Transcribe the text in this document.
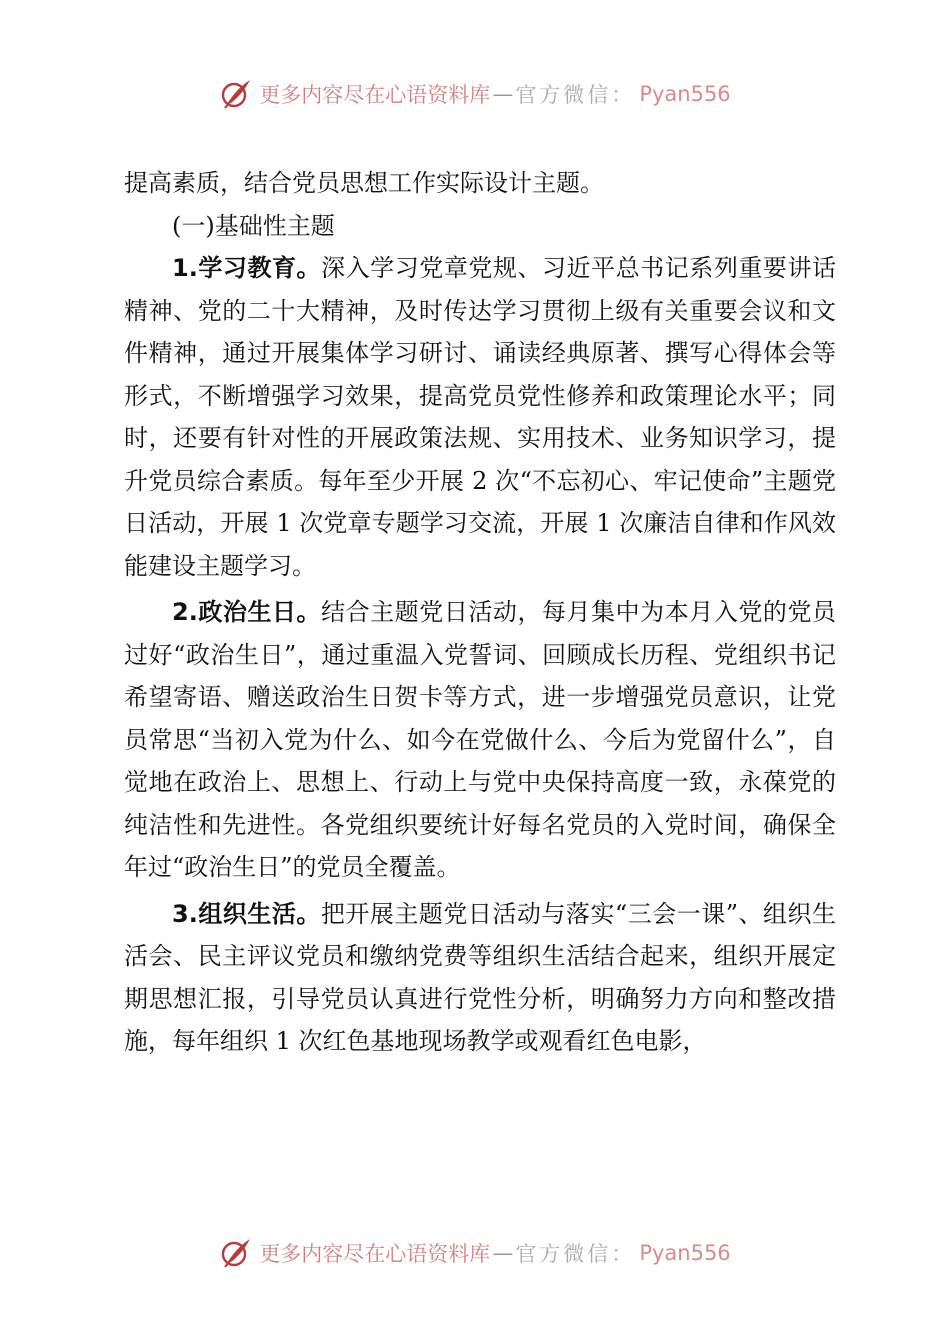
更多内容尽在心语资料库 — 官方微信： Pyan556

提高素质，结合党员思想工作实际设计主题。

(一)基础性主题

1.学习教育。深入学习党章党规、习近平总书记系列重要讲话精神、党的二十大精神，及时传达学习贯彻上级有关重要会议和文件精神，通过开展集体学习研讨、诵读经典原著、撰写心得体会等形式，不断增强学习效果，提高党员党性修养和政策理论水平；同时，还要有针对性的开展政策法规、实用技术、业务知识学习，提升党员综合素质。每年至少开展 2 次“不忘初心、牢记使命”主题党日活动，开展 1 次党章专题学习交流，开展 1 次廉洁自律和作风效能建设主题学习。

2.政治生日。结合主题党日活动，每月集中为本月入党的党员过好“政治生日”，通过重温入党誓词、回顾成长历程、党组织书记希望寄语、赠送政治生日贺卡等方式，进一步增强党员意识，让党员常思“当初入党为什么、如今在党做什么、今后为党留什么”，自觉地在政治上、思想上、行动上与党中央保持高度一致，永葆党的纯洁性和先进性。各党组织要统计好每名党员的入党时间，确保全年过“政治生日”的党员全覆盖。

3.组织生活。把开展主题党日活动与落实“三会一课”、组织生活会、民主评议党员和缴纳党费等组织生活结合起来，组织开展定期思想汇报，引导党员认真进行党性分析，明确努力方向和整改措施，每年组织 1 次红色基地现场教学或观看红色电影，

更多内容尽在心语资料库 — 官方微信： Pyan556
